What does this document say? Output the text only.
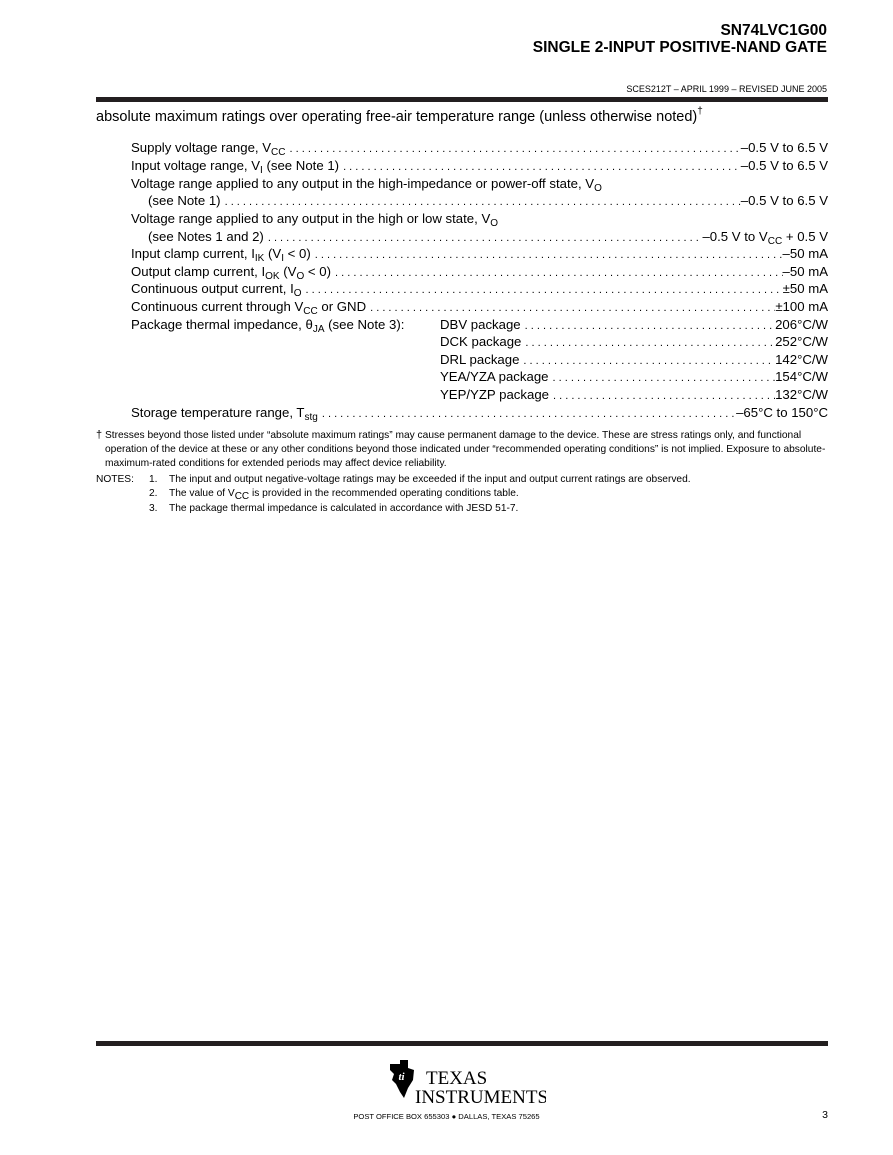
SN74LVC1G00
SINGLE 2-INPUT POSITIVE-NAND GATE
SCES212T – APRIL 1999 – REVISED JUNE 2005
absolute maximum ratings over operating free-air temperature range (unless otherwise noted)†
Supply voltage range, $V_{CC}$ . . .	–0.5 V to 6.5 V
Input voltage range, $V_I$ (see Note 1) . . .	–0.5 V to 6.5 V
Voltage range applied to any output in the high-impedance or power-off state, $V_O$
(see Note 1) . . .	–0.5 V to 6.5 V
Voltage range applied to any output in the high or low state, $V_O$
(see Notes 1 and 2) . . .	–0.5 V to $V_{CC} + 0.5$ V
Input clamp current, $I_{IK}$ $(V_I < 0)$ . . .	–50 mA
Output clamp current, $I_{OK}$ $(V_O < 0)$ . . .	–50 mA
Continuous output current, $I_O$ . . .	±50 mA
Continuous current through $V_{CC}$ or GND . . .	±100 mA
Package thermal impedance, $\theta_{JA}$ (see Note 3):	DBV package . . .	206°C/W
DCK package . . .	252°C/W
DRL package . . .	142°C/W
YEA/YZA package . . .	154°C/W
YEP/YZP package . . .	132°C/W
Storage temperature range, $T_{stg}$ . . .	–65°C to 150°C
† Stresses beyond those listed under “absolute maximum ratings” may cause permanent damage to the device. These are stress ratings only, and functional operation of the device at these or any other conditions beyond those indicated under “recommended operating conditions” is not implied. Exposure to absolute-maximum-rated conditions for extended periods may affect device reliability.
NOTES: 1. The input and output negative-voltage ratings may be exceeded if the input and output current ratings are observed.
2. The value of $V_{CC}$ is provided in the recommended operating conditions table.
3. The package thermal impedance is calculated in accordance with JESD 51-7.
ti TEXAS
INSTRUMENTS
POST OFFICE BOX 655303 ● DALLAS, TEXAS 75265	3
